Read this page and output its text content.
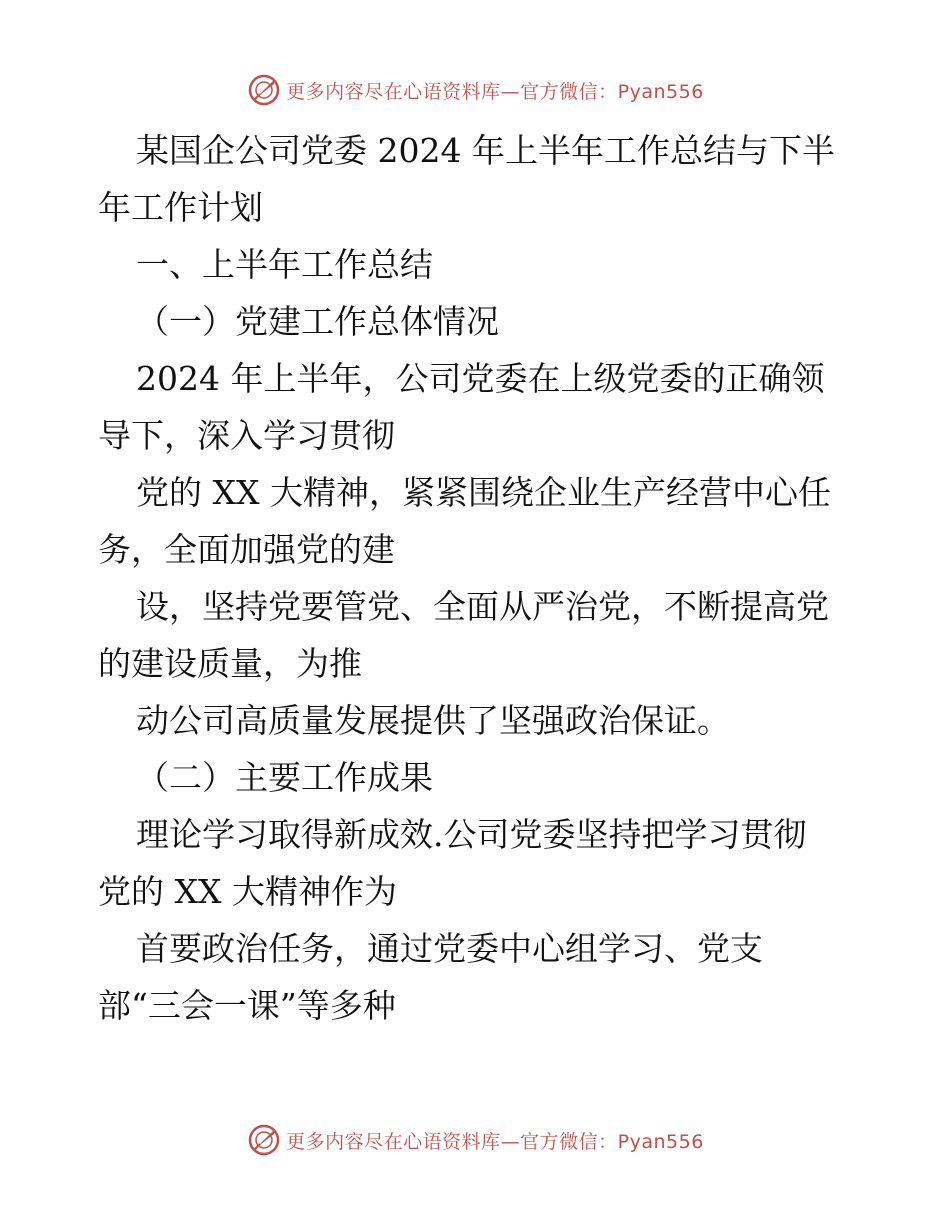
更多内容尽在心语资料库—官方微信：Pyan556
某国企公司党委 2024 年上半年工作总结与下半
年工作计划
一、上半年工作总结
（一）党建工作总体情况
2024 年上半年，公司党委在上级党委的正确领
导下，深入学习贯彻
党的 XX 大精神，紧紧围绕企业生产经营中心任
务，全面加强党的建
设，坚持党要管党、全面从严治党，不断提高党
的建设质量，为推
动公司高质量发展提供了坚强政治保证。
（二）主要工作成果
理论学习取得新成效.公司党委坚持把学习贯彻
党的 XX 大精神作为
首要政治任务，通过党委中心组学习、党支
部“三会一课”等多种
更多内容尽在心语资料库—官方微信：Pyan556
